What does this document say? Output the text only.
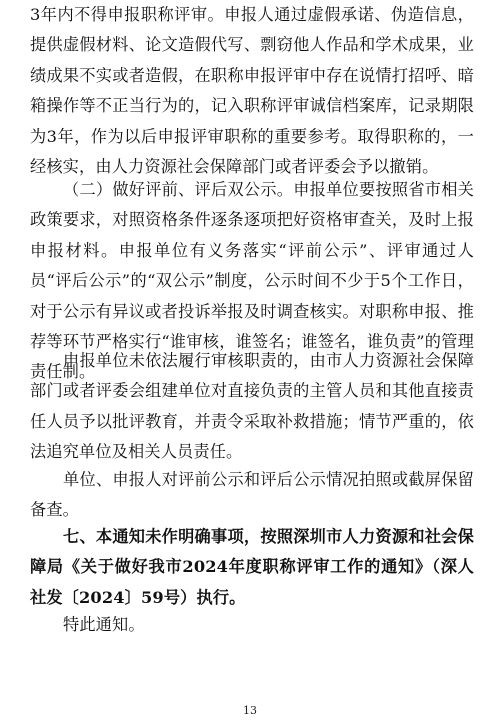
3年内不得申报职称评审。申报人通过虚假承诺、伪造信息，提供虚假材料、论文造假代写、剽窃他人作品和学术成果，业绩成果不实或者造假，在职称申报评审中存在说情打招呼、暗箱操作等不正当行为的，记入职称评审诚信档案库，记录期限为3年，作为以后申报评审职称的重要参考。取得职称的，一经核实，由人力资源社会保障部门或者评委会予以撤销。

（二）做好评前、评后双公示。申报单位要按照省市相关政策要求，对照资格条件逐条逐项把好资格审查关，及时上报申报材料。申报单位有义务落实“评前公示”、评审通过人员“评后公示”的“双公示”制度，公示时间不少于5个工作日，对于公示有异议或者投诉举报及时调查核实。对职称申报、推荐等环节严格实行“谁审核，谁签名；谁签名，谁负责”的管理责任制。

申报单位未依法履行审核职责的，由市人力资源社会保障部门或者评委会组建单位对直接负责的主管人员和其他直接责任人员予以批评教育，并责令采取补救措施；情节严重的，依法追究单位及相关人员责任。

单位、申报人对评前公示和评后公示情况拍照或截屏保留备查。

七、本通知未作明确事项，按照深圳市人力资源和社会保障局《关于做好我市2024年度职称评审工作的通知》（深人社发〔2024〕59号）执行。

特此通知。

13
